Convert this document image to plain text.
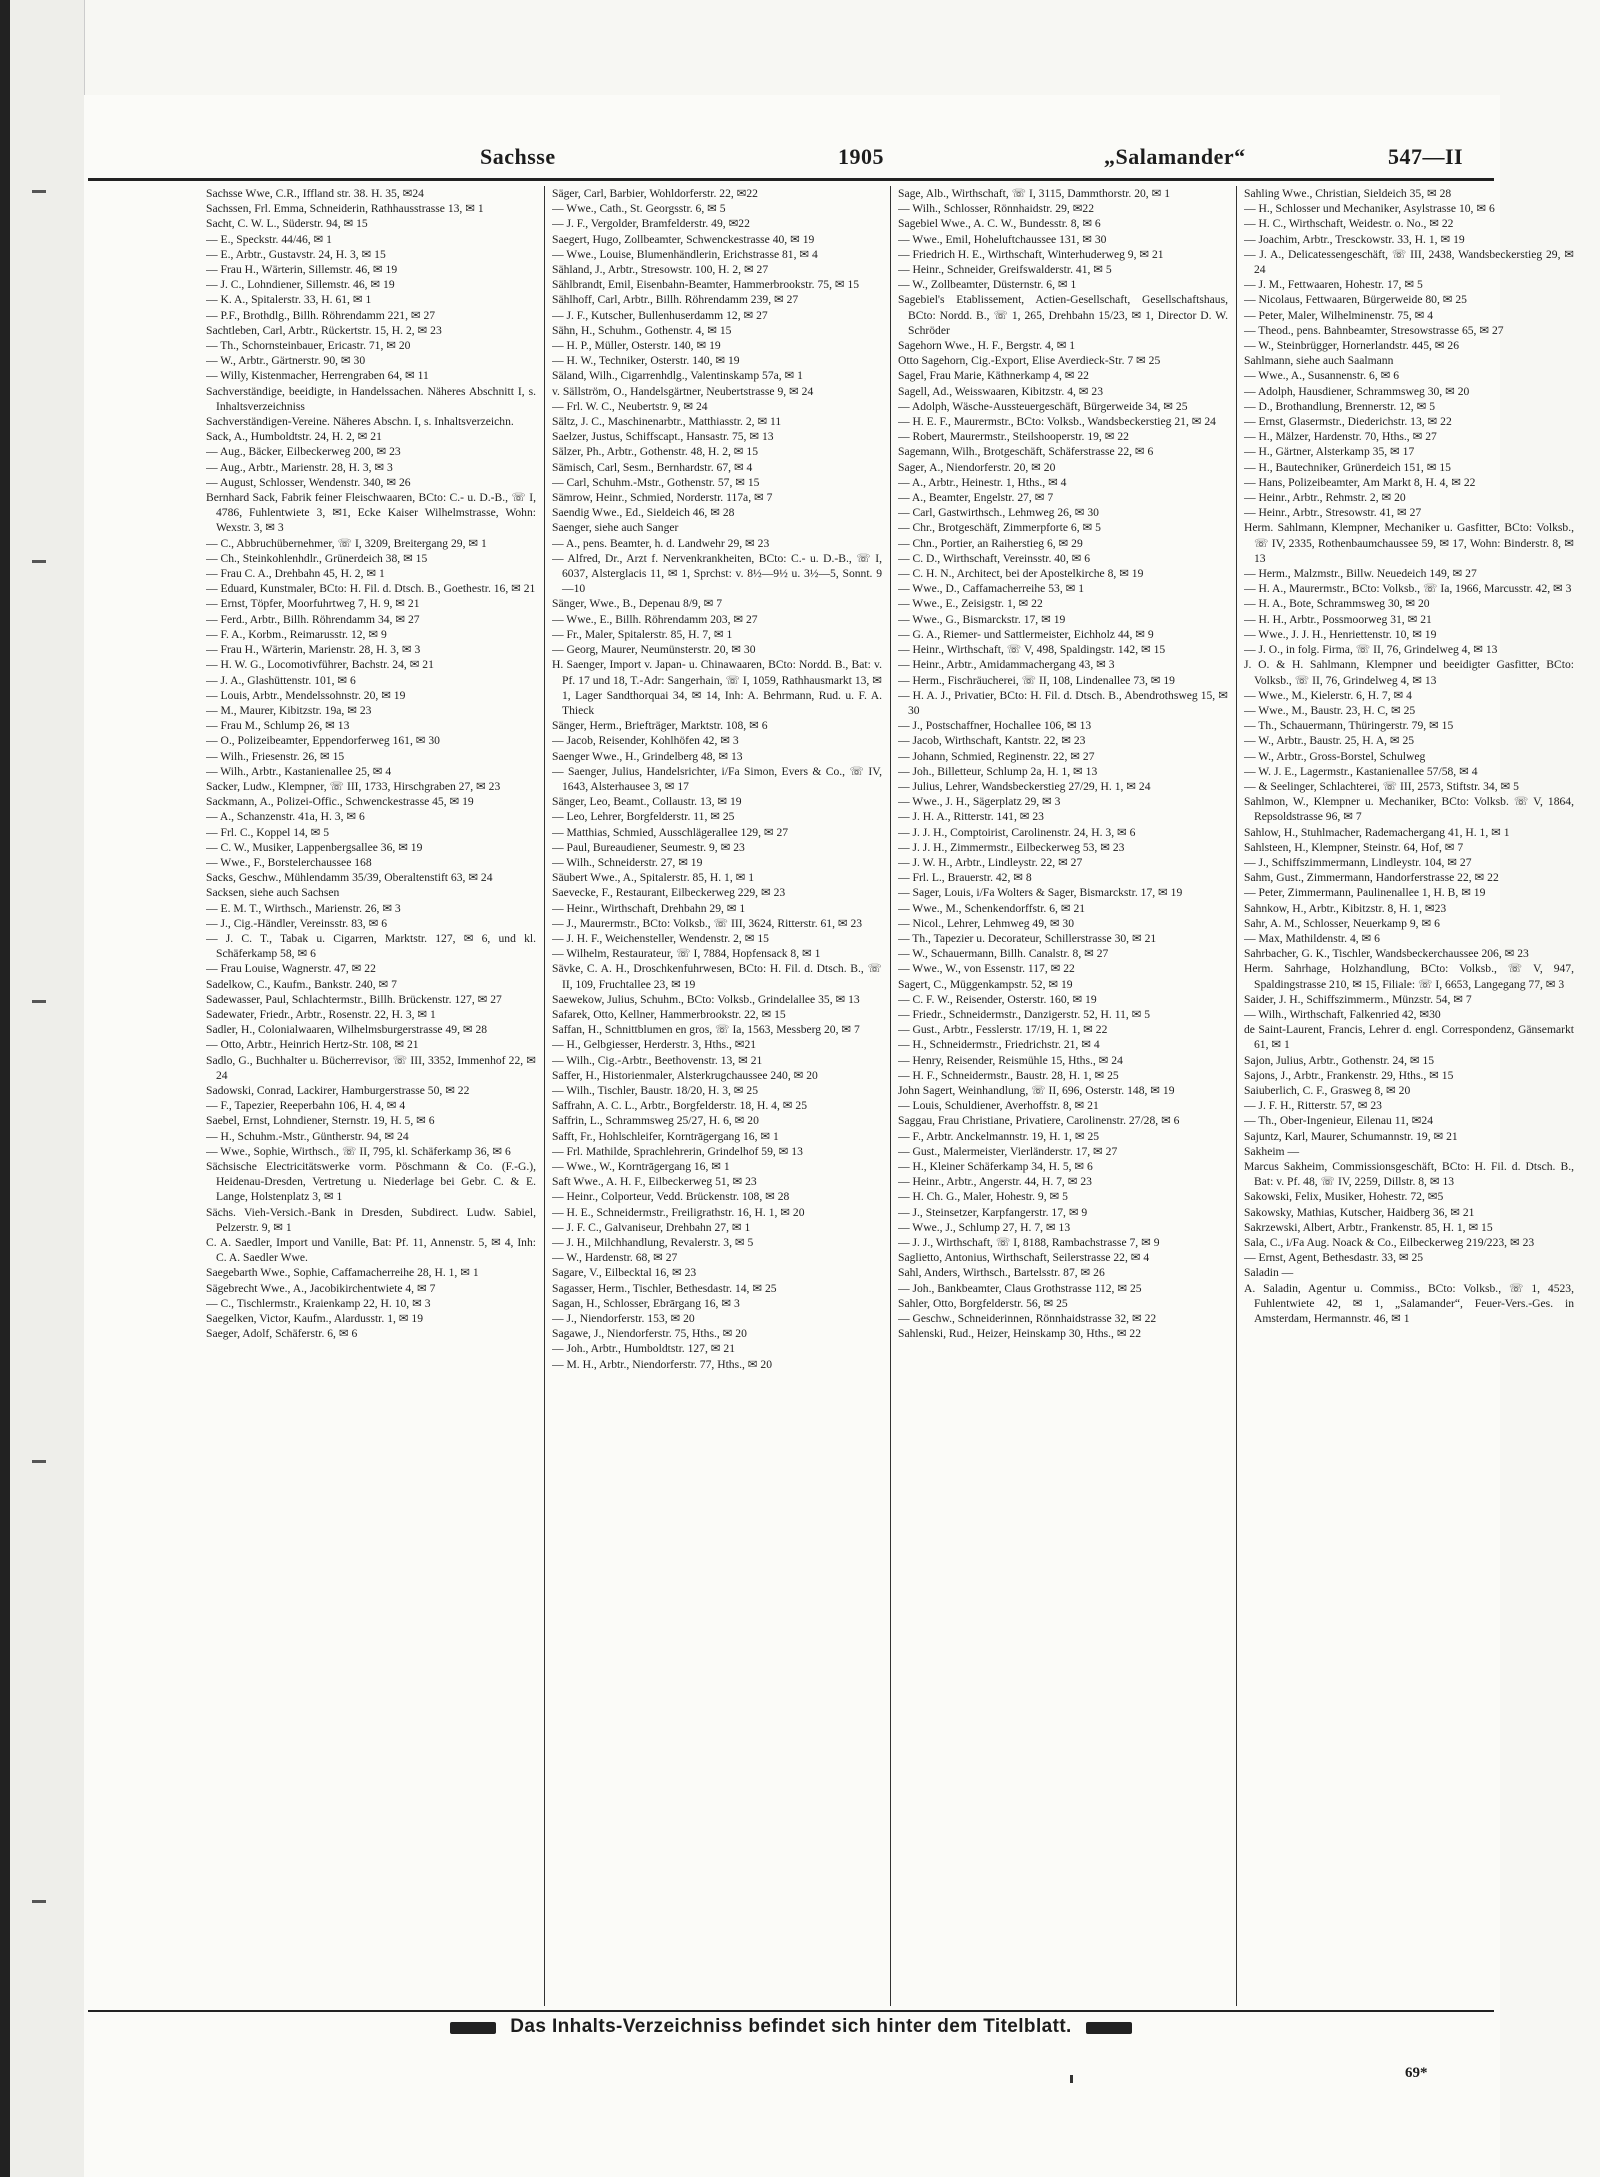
Sachsse	1905	„Salamander“	547—II

Sachsse Wwe, C.R., Iffland str. 38. H. 35, ✉24

Sachssen, Frl. Emma, Schneiderin, Rathhausstrasse 13, ✉ 1

Sacht, C. W. L., Süderstr. 94, ✉ 15

— E., Speckstr. 44/46, ✉ 1

— E., Arbtr., Gustavstr. 24, H. 3, ✉ 15

— Frau H., Wärterin, Sillemstr. 46, ✉ 19

— J. C., Lohndiener, Sillemstr. 46, ✉ 19

— K. A., Spitalerstr. 33, H. 61, ✉ 1

— P.F., Brothdlg., Billh. Röhrendamm 221, ✉ 27

Sachtleben, Carl, Arbtr., Rückertstr. 15, H. 2, ✉ 23

— Th., Schornsteinbauer, Ericastr. 71, ✉ 20

— W., Arbtr., Gärtnerstr. 90, ✉ 30

— Willy, Kistenmacher, Herrengraben 64, ✉ 11

Sachverständige, beeidigte, in Handelssachen. Näheres Abschnitt I, s. Inhaltsverzeichniss

Sachverständigen-Vereine. Näheres Abschn. I, s. Inhaltsverzeichn.

Sack, A., Humboldtstr. 24, H. 2, ✉ 21

— Aug., Bäcker, Eilbeckerweg 200, ✉ 23

— Aug., Arbtr., Marienstr. 28, H. 3, ✉ 3

— August, Schlosser, Wendenstr. 340, ✉ 26

Bernhard Sack, Fabrik feiner Fleischwaaren, BCto: C.- u. D.-B., ☏ I, 4786, Fuhlentwiete 3, ✉1, Ecke Kaiser Wilhelmstrasse, Wohn: Wexstr. 3, ✉ 3

— C., Abbruchübernehmer, ☏ I, 3209, Breitergang 29, ✉ 1

— Ch., Steinkohlenhdlr., Grünerdeich 38, ✉ 15

— Frau C. A., Drehbahn 45, H. 2, ✉ 1

— Eduard, Kunstmaler, BCto: H. Fil. d. Dtsch. B., Goethestr. 16, ✉ 21

— Ernst, Töpfer, Moorfuhrtweg 7, H. 9, ✉ 21

— Ferd., Arbtr., Billh. Röhrendamm 34, ✉ 27

— F. A., Korbm., Reimarusstr. 12, ✉ 9

— Frau H., Wärterin, Marienstr. 28, H. 3, ✉ 3

— H. W. G., Locomotivführer, Bachstr. 24, ✉ 21

— J. A., Glashüttenstr. 101, ✉ 6

— Louis, Arbtr., Mendelssohnstr. 20, ✉ 19

— M., Maurer, Kibitzstr. 19a, ✉ 23

— Frau M., Schlump 26, ✉ 13

— O., Polizeibeamter, Eppendorferweg 161, ✉ 30

— Wilh., Friesenstr. 26, ✉ 15

— Wilh., Arbtr., Kastanienallee 25, ✉ 4

Sacker, Ludw., Klempner, ☏ III, 1733, Hirschgraben 27, ✉ 23

Sackmann, A., Polizei-Offic., Schwenckestrasse 45, ✉ 19

— A., Schanzenstr. 41a, H. 3, ✉ 6

— Frl. C., Koppel 14, ✉ 5

— C. W., Musiker, Lappenbergsallee 36, ✉ 19

— Wwe., F., Borstelerchaussee 168

Sacks, Geschw., Mühlendamm 35/39, Oberaltenstift 63, ✉ 24

Sacksen, siehe auch Sachsen

— E. M. T., Wirthsch., Marienstr. 26, ✉ 3

— J., Cig.-Händler, Vereinsstr. 83, ✉ 6

— J. C. T., Tabak u. Cigarren, Marktstr. 127, ✉ 6, und kl. Schäferkamp 58, ✉ 6

— Frau Louise, Wagnerstr. 47, ✉ 22

Sadelkow, C., Kaufm., Bankstr. 240, ✉ 7

Sadewasser, Paul, Schlachtermstr., Billh. Brückenstr. 127, ✉ 27

Sadewater, Friedr., Arbtr., Rosenstr. 22, H. 3, ✉ 1

Sadler, H., Colonialwaaren, Wilhelmsburgerstrasse 49, ✉ 28

— Otto, Arbtr., Heinrich Hertz-Str. 108, ✉ 21

Sadlo, G., Buchhalter u. Bücherrevisor, ☏ III, 3352, Immenhof 22, ✉ 24

Sadowski, Conrad, Lackirer, Hamburgerstrasse 50, ✉ 22

— F., Tapezier, Reeperbahn 106, H. 4, ✉ 4

Saebel, Ernst, Lohndiener, Sternstr. 19, H. 5, ✉ 6

— H., Schuhm.-Mstr., Güntherstr. 94, ✉ 24

— Wwe., Sophie, Wirthsch., ☏ II, 795, kl. Schäferkamp 36, ✉ 6

Sächsische Electricitätswerke vorm. Pöschmann & Co. (F.-G.), Heidenau-Dresden, Vertretung u. Niederlage bei Gebr. C. & E. Lange, Holstenplatz 3, ✉ 1

Sächs. Vieh-Versich.-Bank in Dresden, Subdirect. Ludw. Sabiel, Pelzerstr. 9, ✉ 1

C. A. Saedler, Import und Vanille, Bat: Pf. 11, Annenstr. 5, ✉ 4, Inh: C. A. Saedler Wwe.

Saegebarth Wwe., Sophie, Caffamacherreihe 28, H. 1, ✉ 1

Sägebrecht Wwe., A., Jacobikirchentwiete 4, ✉ 7

— C., Tischlermstr., Kraienkamp 22, H. 10, ✉ 3

Saegelken, Victor, Kaufm., Alardusstr. 1, ✉ 19

Saeger, Adolf, Schäferstr. 6, ✉ 6

Säger, Carl, Barbier, Wohldorferstr. 22, ✉22

— Wwe., Cath., St. Georgsstr. 6, ✉ 5

— J. F., Vergolder, Bramfelderstr. 49, ✉22

Saegert, Hugo, Zollbeamter, Schwenckestrasse 40, ✉ 19

— Wwe., Louise, Blumenhändlerin, Erichstrasse 81, ✉ 4

Sähland, J., Arbtr., Stresowstr. 100, H. 2, ✉ 27

Sählbrandt, Emil, Eisenbahn-Beamter, Hammerbrookstr. 75, ✉ 15

Sählhoff, Carl, Arbtr., Billh. Röhrendamm 239, ✉ 27

— J. F., Kutscher, Bullenhuserdamm 12, ✉ 27

Sähn, H., Schuhm., Gothenstr. 4, ✉ 15

— H. P., Müller, Osterstr. 140, ✉ 19

— H. W., Techniker, Osterstr. 140, ✉ 19

Säland, Wilh., Cigarrenhdlg., Valentinskamp 57a, ✉ 1

v. Sällström, O., Handelsgärtner, Neubertstrasse 9, ✉ 24

— Frl. W. C., Neubertstr. 9, ✉ 24

Sältz, J. C., Maschinenarbtr., Matthiasstr. 2, ✉ 11

Saelzer, Justus, Schiffscapt., Hansastr. 75, ✉ 13

Sälzer, Ph., Arbtr., Gothenstr. 48, H. 2, ✉ 15

Sämisch, Carl, Sesm., Bernhardstr. 67, ✉ 4

— Carl, Schuhm.-Mstr., Gothenstr. 57, ✉ 15

Sämrow, Heinr., Schmied, Norderstr. 117a, ✉ 7

Saendig Wwe., Ed., Sieldeich 46, ✉ 28

Saenger, siehe auch Sanger

— A., pens. Beamter, h. d. Landwehr 29, ✉ 23

— Alfred, Dr., Arzt f. Nervenkrankheiten, BCto: C.- u. D.-B., ☏ I, 6037, Alsterglacis 11, ✉ 1, Sprchst: v. 8½—9½ u. 3½—5, Sonnt. 9—10

Sänger, Wwe., B., Depenau 8/9, ✉ 7

— Wwe., E., Billh. Röhrendamm 203, ✉ 27

— Fr., Maler, Spitalerstr. 85, H. 7, ✉ 1

— Georg, Maurer, Neumünsterstr. 20, ✉ 30

H. Saenger, Import v. Japan- u. Chinawaaren, BCto: Nordd. B., Bat: v. Pf. 17 und 18, T.-Adr: Sangerhain, ☏ I, 1059, Rathhausmarkt 13, ✉ 1, Lager Sandthorquai 34, ✉ 14, Inh: A. Behrmann, Rud. u. F. A. Thieck

Sänger, Herm., Briefträger, Marktstr. 108, ✉ 6

— Jacob, Reisender, Kohlhöfen 42, ✉ 3

Saenger Wwe., H., Grindelberg 48, ✉ 13

— Saenger, Julius, Handelsrichter, i/Fa Simon, Evers & Co., ☏ IV, 1643, Alsterhausee 3, ✉ 17

Sänger, Leo, Beamt., Collaustr. 13, ✉ 19

— Leo, Lehrer, Borgfelderstr. 11, ✉ 25

— Matthias, Schmied, Ausschlägerallee 129, ✉ 27

— Paul, Bureaudiener, Seumestr. 9, ✉ 23

— Wilh., Schneiderstr. 27, ✉ 19

Säubert Wwe., A., Spitalerstr. 85, H. 1, ✉ 1

Saevecke, F., Restaurant, Eilbeckerweg 229, ✉ 23

— Heinr., Wirthschaft, Drehbahn 29, ✉ 1

— J., Maurermstr., BCto: Volksb., ☏ III, 3624, Ritterstr. 61, ✉ 23

— J. H. F., Weichensteller, Wendenstr. 2, ✉ 15

— Wilhelm, Restaurateur, ☏ I, 7884, Hopfensack 8, ✉ 1

Sävke, C. A. H., Droschkenfuhrwesen, BCto: H. Fil. d. Dtsch. B., ☏ II, 109, Fruchtallee 23, ✉ 19

Saewekow, Julius, Schuhm., BCto: Volksb., Grindelallee 35, ✉ 13

Safarek, Otto, Kellner, Hammerbrookstr. 22, ✉ 15

Saffan, H., Schnittblumen en gros, ☏ Ia, 1563, Messberg 20, ✉ 7

— H., Gelbgiesser, Herderstr. 3, Hths., ✉21

— Wilh., Cig.-Arbtr., Beethovenstr. 13, ✉ 21

Saffer, H., Historienmaler, Alsterkrugchaussee 240, ✉ 20

— Wilh., Tischler, Baustr. 18/20, H. 3, ✉ 25

Saffrahn, A. C. L., Arbtr., Borgfelderstr. 18, H. 4, ✉ 25

Saffrin, L., Schrammsweg 25/27, H. 6, ✉ 20

Safft, Fr., Hohlschleifer, Korntrāgergang 16, ✉ 1

— Frl. Mathilde, Sprachlehrerin, Grindelhof 59, ✉ 13

— Wwe., W., Korntrāgergang 16, ✉ 1

Saft Wwe., A. H. F., Eilbeckerweg 51, ✉ 23

— Heinr., Colporteur, Vedd. Brückenstr. 108, ✉ 28

— H. E., Schneidermstr., Freiligrathstr. 16, H. 1, ✉ 20

— J. F. C., Galvaniseur, Drehbahn 27, ✉ 1

— J. H., Milchhandlung, Revalerstr. 3, ✉ 5

— W., Hardenstr. 68, ✉ 27

Sagare, V., Eilbecktal 16, ✉ 23

Sagasser, Herm., Tischler, Bethesdastr. 14, ✉ 25

Sagan, H., Schlosser, Ebrārgang 16, ✉ 3

— J., Niendorferstr. 153, ✉ 20

Sagawe, J., Niendorferstr. 75, Hths., ✉ 20

— Joh., Arbtr., Humboldtstr. 127, ✉ 21

— M. H., Arbtr., Niendorferstr. 77, Hths., ✉ 20

Sage, Alb., Wirthschaft, ☏ I, 3115, Dammthorstr. 20, ✉ 1

— Wilh., Schlosser, Rönnhaidstr. 29, ✉22

Sagebiel Wwe., A. C. W., Bundesstr. 8, ✉ 6

— Wwe., Emil, Hoheluftchaussee 131, ✉ 30

— Friedrich H. E., Wirthschaft, Winterhuderweg 9, ✉ 21

— Heinr., Schneider, Greifswalderstr. 41, ✉ 5

— W., Zollbeamter, Düsternstr. 6, ✉ 1

Sagebiel's Etablissement, Actien-Gesellschaft, Gesellschaftshaus, BCto: Nordd. B., ☏ 1, 265, Drehbahn 15/23, ✉ 1, Director D. W. Schröder

Sagehorn Wwe., H. F., Bergstr. 4, ✉ 1

Otto Sagehorn, Cig.-Export, Elise Averdieck-Str. 7 ✉ 25

Sagel, Frau Marie, Käthnerkamp 4, ✉ 22

Sagell, Ad., Weisswaaren, Kibitzstr. 4, ✉ 23

— Adolph, Wäsche-Aussteuergeschäft, Bürgerweide 34, ✉ 25

— H. E. F., Maurermstr., BCto: Volksb., Wandsbeckerstieg 21, ✉ 24

— Robert, Maurermstr., Steilshooperstr. 19, ✉ 22

Sagemann, Wilh., Brotgeschäft, Schäferstrasse 22, ✉ 6

Sager, A., Niendorferstr. 20, ✉ 20

— A., Arbtr., Heinestr. 1, Hths., ✉ 4

— A., Beamter, Engelstr. 27, ✉ 7

— Carl, Gastwirthsch., Lehmweg 26, ✉ 30

— Chr., Brotgeschäft, Zimmerpforte 6, ✉ 5

— Chn., Portier, an Raiherstieg 6, ✉ 29

— C. D., Wirthschaft, Vereinsstr. 40, ✉ 6

— C. H. N., Architect, bei der Apostelkirche 8, ✉ 19

— Wwe., D., Caffamacherreihe 53, ✉ 1

— Wwe., E., Zeisigstr. 1, ✉ 22

— Wwe., G., Bismarckstr. 17, ✉ 19

— G. A., Riemer- und Sattlermeister, Eichholz 44, ✉ 9

— Heinr., Wirthschaft, ☏ V, 498, Spaldingstr. 142, ✉ 15

— Heinr., Arbtr., Amidammachergang 43, ✉ 3

— Herm., Fischräucherei, ☏ II, 108, Lindenallee 73, ✉ 19

— H. A. J., Privatier, BCto: H. Fil. d. Dtsch. B., Abendrothsweg 15, ✉ 30

— J., Postschaffner, Hochallee 106, ✉ 13

— Jacob, Wirthschaft, Kantstr. 22, ✉ 23

— Johann, Schmied, Reginenstr. 22, ✉ 27

— Joh., Billetteur, Schlump 2a, H. 1, ✉ 13

— Julius, Lehrer, Wandsbeckerstieg 27/29, H. 1, ✉ 24

— Wwe., J. H., Sägerplatz 29, ✉ 3

— J. H. A., Ritterstr. 141, ✉ 23

— J. J. H., Comptoirist, Carolinenstr. 24, H. 3, ✉ 6

— J. J. H., Zimmermstr., Eilbeckerweg 53, ✉ 23

— J. W. H., Arbtr., Lindleystr. 22, ✉ 27

— Frl. L., Brauerstr. 42, ✉ 8

— Sager, Louis, i/Fa Wolters & Sager, Bismarckstr. 17, ✉ 19

— Wwe., M., Schenkendorffstr. 6, ✉ 21

— Nicol., Lehrer, Lehmweg 49, ✉ 30

— Th., Tapezier u. Decorateur, Schillerstrasse 30, ✉ 21

— W., Schauermann, Billh. Canalstr. 8, ✉ 27

— Wwe., W., von Essenstr. 117, ✉ 22

Sagert, C., Müggenkampstr. 52, ✉ 19

— C. F. W., Reisender, Osterstr. 160, ✉ 19

— Friedr., Schneidermstr., Danzigerstr. 52, H. 11, ✉ 5

— Gust., Arbtr., Fesslerstr. 17/19, H. 1, ✉ 22

— H., Schneidermstr., Friedrichstr. 21, ✉ 4

— Henry, Reisender, Reismühle 15, Hths., ✉ 24

— H. F., Schneidermstr., Baustr. 28, H. 1, ✉ 25

John Sagert, Weinhandlung, ☏ II, 696, Osterstr. 148, ✉ 19

— Louis, Schuldiener, Averhoffstr. 8, ✉ 21

Saggau, Frau Christiane, Privatiere, Carolinenstr. 27/28, ✉ 6

— F., Arbtr. Anckelmannstr. 19, H. 1, ✉ 25

— Gust., Malermeister, Vierländerstr. 17, ✉ 27

— H., Kleiner Schäferkamp 34, H. 5, ✉ 6

— Heinr., Arbtr., Angerstr. 44, H. 7, ✉ 23

— H. Ch. G., Maler, Hohestr. 9, ✉ 5

— J., Steinsetzer, Karpfangerstr. 17, ✉ 9

— Wwe., J., Schlump 27, H. 7, ✉ 13

— J. J., Wirthschaft, ☏ I, 8188, Rambachstrasse 7, ✉ 9

Saglietto, Antonius, Wirthschaft, Seilerstrasse 22, ✉ 4

Sahl, Anders, Wirthsch., Bartelsstr. 87, ✉ 26

— Joh., Bankbeamter, Claus Grothstrasse 112, ✉ 25

Sahler, Otto, Borgfelderstr. 56, ✉ 25

— Geschw., Schneiderinnen, Rönnhaidstrasse 32, ✉ 22

Sahlenski, Rud., Heizer, Heinskamp 30, Hths., ✉ 22

Sahling Wwe., Christian, Sieldeich 35, ✉ 28

— H., Schlosser und Mechaniker, Asylstrasse 10, ✉ 6

— H. C., Wirthschaft, Weidestr. o. No., ✉ 22

— Joachim, Arbtr., Tresckowstr. 33, H. 1, ✉ 19

— J. A., Delicatessengeschäft, ☏ III, 2438, Wandsbeckerstieg 29, ✉ 24

— J. M., Fettwaaren, Hohestr. 17, ✉ 5

— Nicolaus, Fettwaaren, Bürgerweide 80, ✉ 25

— Peter, Maler, Wilhelminenstr. 75, ✉ 4

— Theod., pens. Bahnbeamter, Stresowstrasse 65, ✉ 27

— W., Steinbrügger, Hornerlandstr. 445, ✉ 26

Sahlmann, siehe auch Saalmann

— Wwe., A., Susannenstr. 6, ✉ 6

— Adolph, Hausdiener, Schrammsweg 30, ✉ 20

— D., Brothandlung, Brennerstr. 12, ✉ 5

— Ernst, Glasermstr., Diederichstr. 13, ✉ 22

— H., Mälzer, Hardenstr. 70, Hths., ✉ 27

— H., Gärtner, Alsterkamp 35, ✉ 17

— H., Bautechniker, Grünerdeich 151, ✉ 15

— Hans, Polizeibeamter, Am Markt 8, H. 4, ✉ 22

— Heinr., Arbtr., Rehmstr. 2, ✉ 20

— Heinr., Arbtr., Stresowstr. 41, ✉ 27

Herm. Sahlmann, Klempner, Mechaniker u. Gasfitter, BCto: Volksb., ☏ IV, 2335, Rothenbaumchaussee 59, ✉ 17, Wohn: Binderstr. 8, ✉ 13

— Herm., Malzmstr., Billw. Neuedeich 149, ✉ 27

— H. A., Maurermstr., BCto: Volksb., ☏ Ia, 1966, Marcusstr. 42, ✉ 3

— H. A., Bote, Schrammsweg 30, ✉ 20

— H. H., Arbtr., Possmoorweg 31, ✉ 21

— Wwe., J. J. H., Henriettenstr. 10, ✉ 19

— J. O., in folg. Firma, ☏ II, 76, Grindelweg 4, ✉ 13

J. O. & H. Sahlmann, Klempner und beeidigter Gasfitter, BCto: Volksb., ☏ II, 76, Grindelweg 4, ✉ 13

— Wwe., M., Kielerstr. 6, H. 7, ✉ 4

— Wwe., M., Baustr. 23, H. C, ✉ 25

— Th., Schauermann, Thüringerstr. 79, ✉ 15

— W., Arbtr., Baustr. 25, H. A, ✉ 25

— W., Arbtr., Gross-Borstel, Schulweg

— W. J. E., Lagermstr., Kastanienallee 57/58, ✉ 4

— & Seelinger, Schlachterei, ☏ III, 2573, Stiftstr. 34, ✉ 5

Sahlmon, W., Klempner u. Mechaniker, BCto: Volksb. ☏ V, 1864, Repsoldstrasse 96, ✉ 7

Sahlow, H., Stuhlmacher, Rademachergang 41, H. 1, ✉ 1

Sahlsteen, H., Klempner, Steinstr. 64, Hof, ✉ 7

— J., Schiffszimmermann, Lindleystr. 104, ✉ 27

Sahm, Gust., Zimmermann, Handorferstrasse 22, ✉ 22

— Peter, Zimmermann, Paulinenallee 1, H. B, ✉ 19

Sahnkow, H., Arbtr., Kibitzstr. 8, H. 1, ✉23

Sahr, A. M., Schlosser, Neuerkamp 9, ✉ 6

— Max, Mathildenstr. 4, ✉ 6

Sahrbacher, G. K., Tischler, Wandsbeckerchaussee 206, ✉ 23

Herm. Sahrhage, Holzhandlung, BCto: Volksb., ☏ V, 947, Spaldingstrasse 210, ✉ 15, Filiale: ☏ I, 6653, Langegang 77, ✉ 3

Saider, J. H., Schiffszimmerm., Münzstr. 54, ✉ 7

— Wilh., Wirthschaft, Falkenried 42, ✉30

de Saint-Laurent, Francis, Lehrer d. engl. Correspondenz, Gänsemarkt 61, ✉ 1

Sajon, Julius, Arbtr., Gothenstr. 24, ✉ 15

Sajons, J., Arbtr., Frankenstr. 29, Hths., ✉ 15

Saiuberlich, C. F., Grasweg 8, ✉ 20

— J. F. H., Ritterstr. 57, ✉ 23

— Th., Ober-Ingenieur, Eilenau 11, ✉24

Sajuntz, Karl, Maurer, Schumannstr. 19, ✉ 21

Sakheim —

Marcus Sakheim, Commissionsgeschäft, BCto: H. Fil. d. Dtsch. B., Bat: v. Pf. 48, ☏ IV, 2259, Dillstr. 8, ✉ 13

Sakowski, Felix, Musiker, Hohestr. 72, ✉5

Sakowsky, Mathias, Kutscher, Haidberg 36, ✉ 21

Sakrzewski, Albert, Arbtr., Frankenstr. 85, H. 1, ✉ 15

Sala, C., i/Fa Aug. Noack & Co., Eilbeckerweg 219/223, ✉ 23

— Ernst, Agent, Bethesdastr. 33, ✉ 25

Saladin —

A. Saladin, Agentur u. Commiss., BCto: Volksb., ☏ 1, 4523, Fuhlentwiete 42, ✉ 1, „Salamander“, Feuer-Vers.-Ges. in Amsterdam, Hermannstr. 46, ✉ 1

Das Inhalts-Verzeichniss befindet sich hinter dem Titelblatt.
69*
